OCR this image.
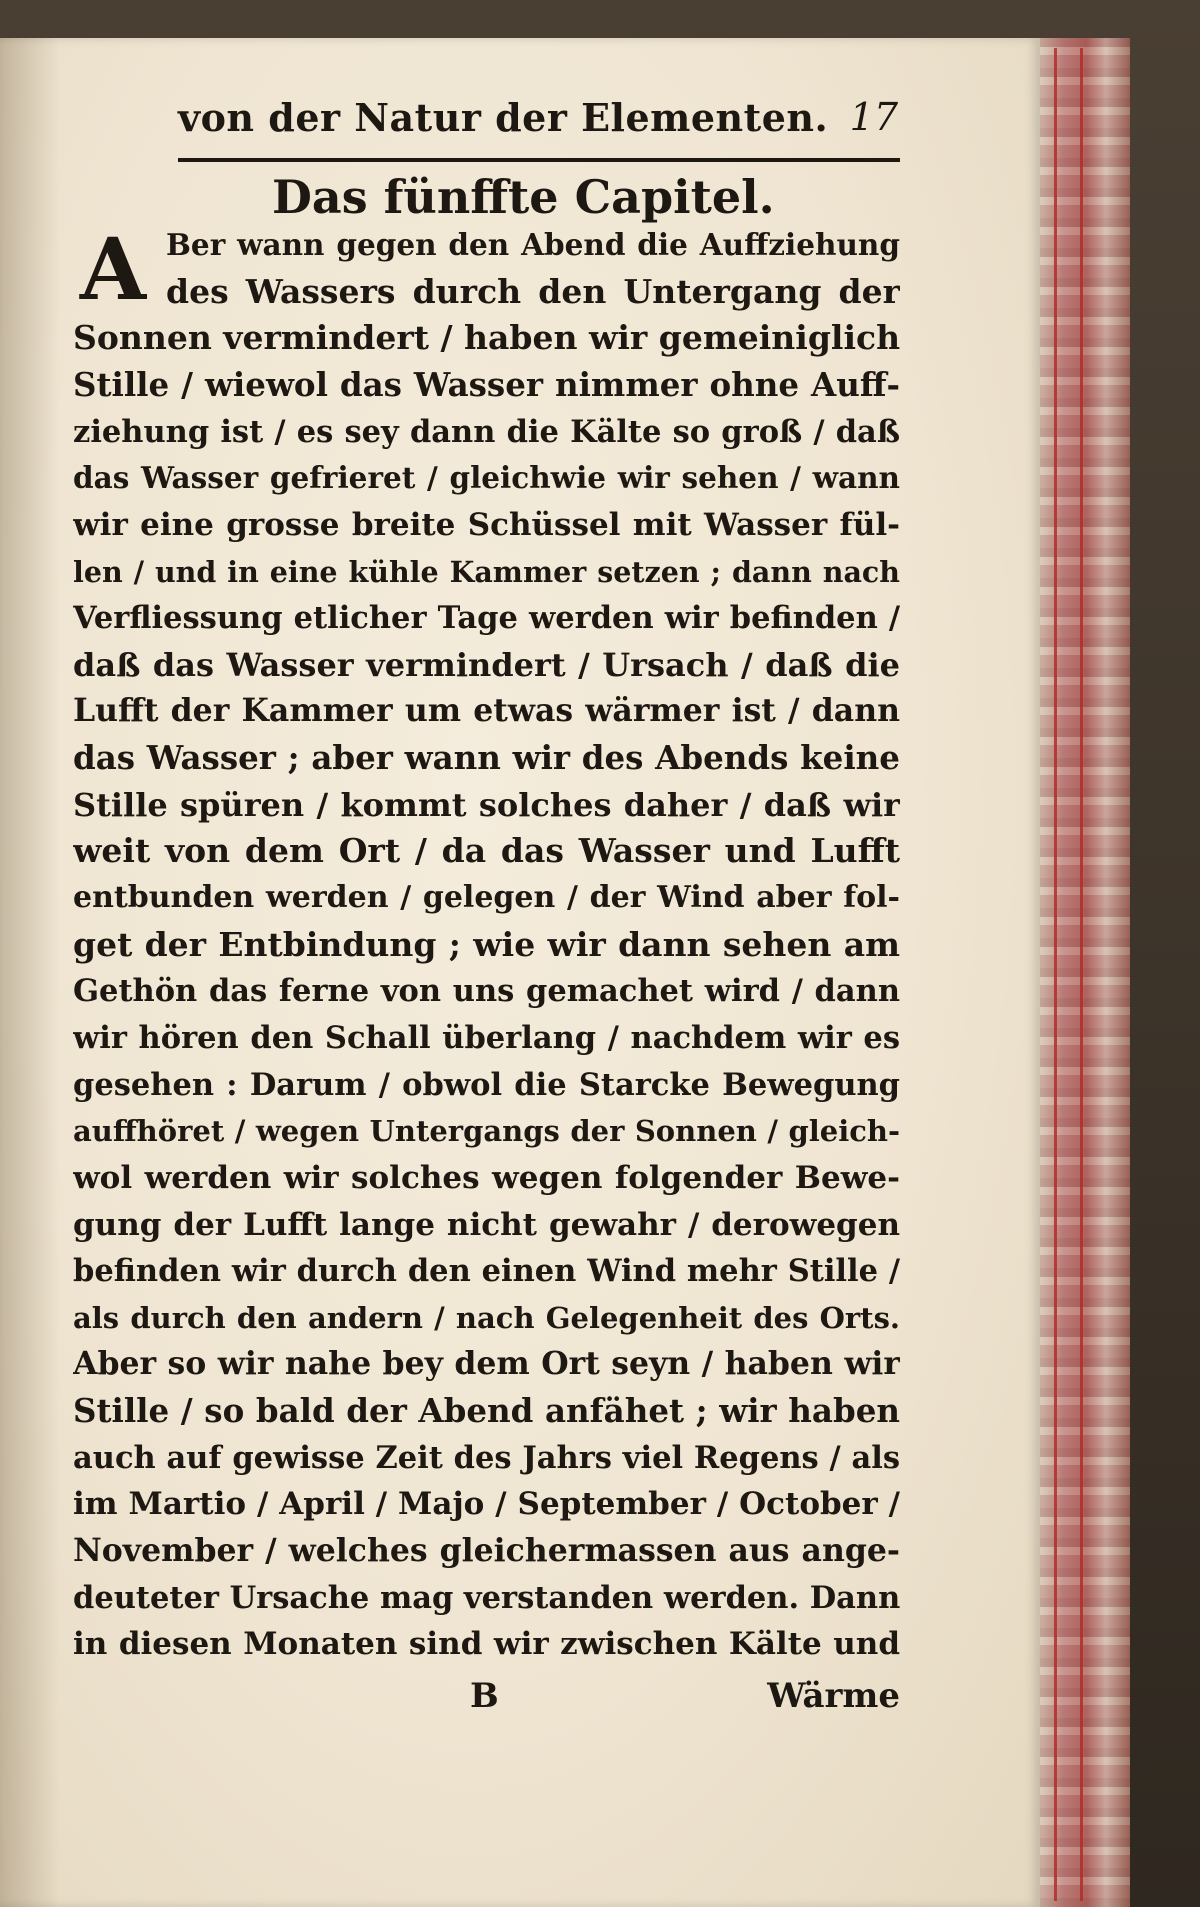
von der Natur der Elementen. 17
Das fünffte Capitel.
A Ber wann gegen den Abend die Auffziehung
des Wassers durch den Untergang der
Sonnen vermindert / haben wir gemeiniglich
Stille / wiewol das Wasser nimmer ohne Auff-
ziehung ist / es sey dann die Kälte so groß / daß
das Wasser gefrieret / gleichwie wir sehen / wann
wir eine grosse breite Schüssel mit Wasser fül-
len / und in eine kühle Kammer setzen ; dann nach
Verfliessung etlicher Tage werden wir befinden /
daß das Wasser vermindert / Ursach / daß die
Lufft der Kammer um etwas wärmer ist / dann
das Wasser ; aber wann wir des Abends keine
Stille spüren / kommt solches daher / daß wir
weit von dem Ort / da das Wasser und Lufft
entbunden werden / gelegen / der Wind aber fol-
get der Entbindung ; wie wir dann sehen am
Gethön das ferne von uns gemachet wird / dann
wir hören den Schall überlang / nachdem wir es
gesehen : Darum / obwol die Starcke Bewegung
auffhöret / wegen Untergangs der Sonnen / gleich-
wol werden wir solches wegen folgender Bewe-
gung der Lufft lange nicht gewahr / derowegen
befinden wir durch den einen Wind mehr Stille /
als durch den andern / nach Gelegenheit des Orts.
Aber so wir nahe bey dem Ort seyn / haben wir
Stille / so bald der Abend anfähet ; wir haben
auch auf gewisse Zeit des Jahrs viel Regens / als
im Martio / April / Majo / September / October /
November / welches gleichermassen aus ange-
deuteter Ursache mag verstanden werden. Dann
in diesen Monaten sind wir zwischen Kälte und
B	Wärme
